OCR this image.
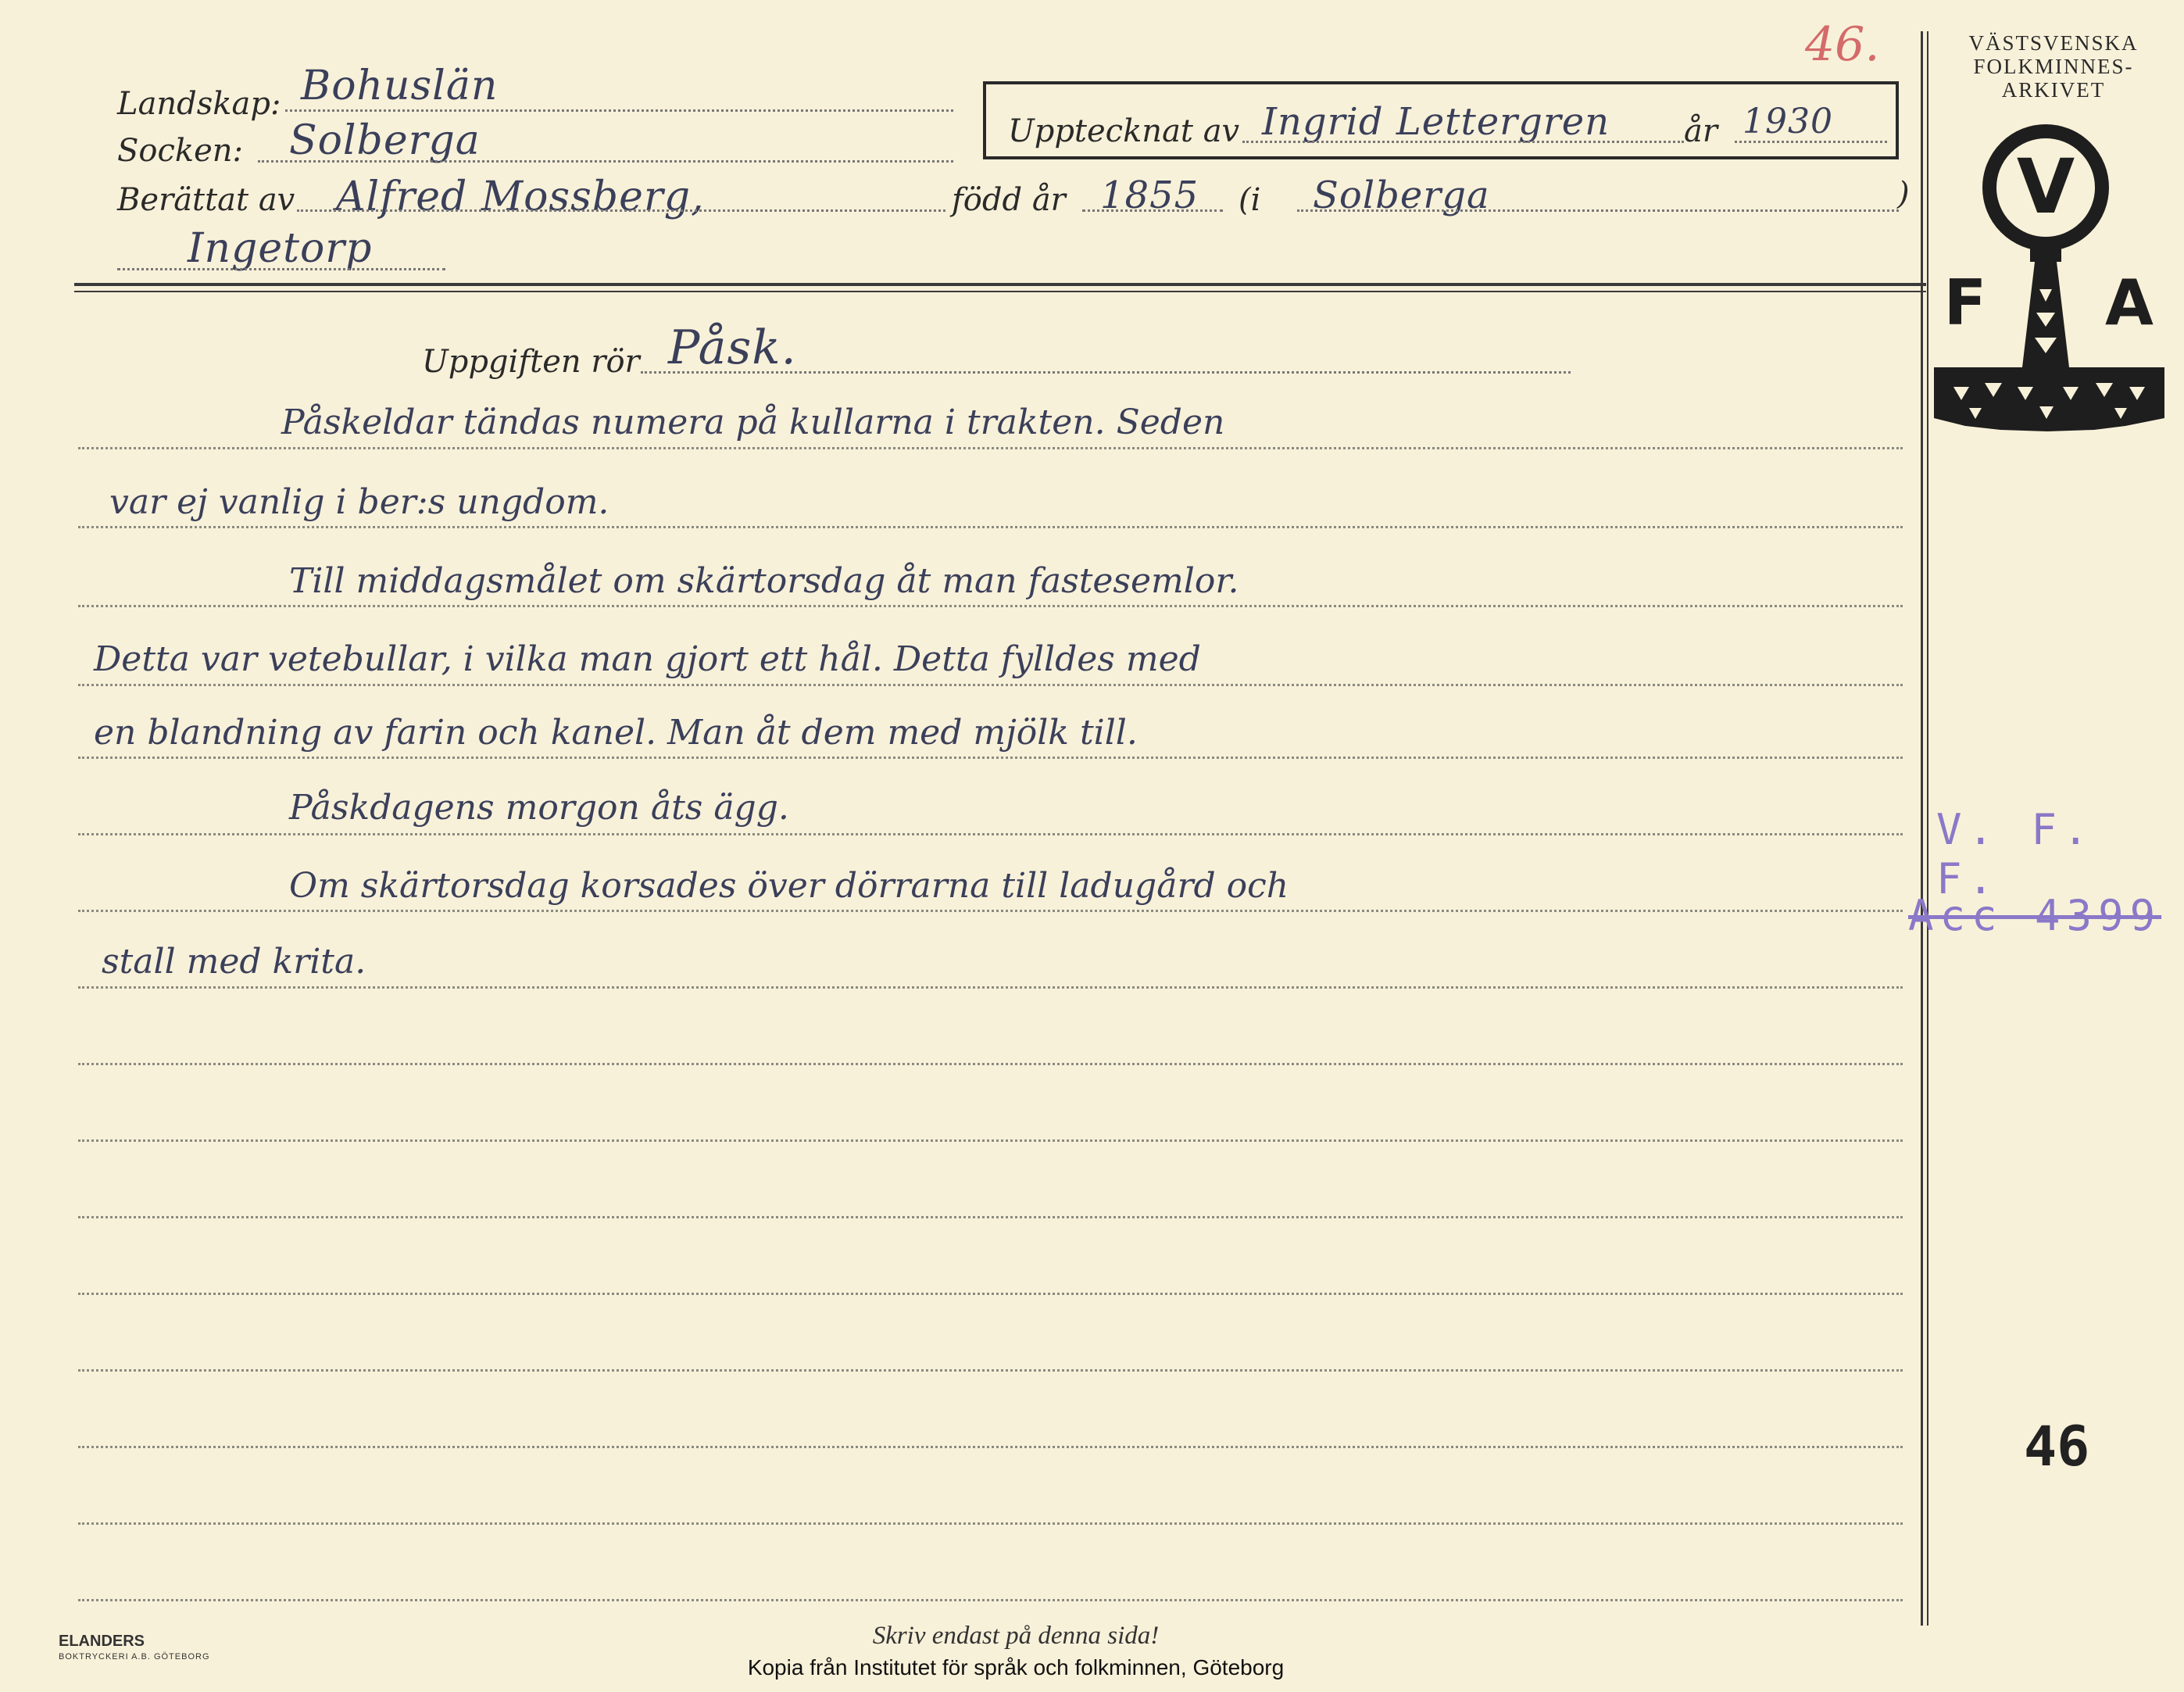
Landskap: Bohuslän
Socken: Solberga
Berättat av Alfred Mossberg,	född år 1855 (i Solberga	)
Ingetorp
Upptecknat av Ingrid Lettergren år 1930
46.	VÄSTSVENSKA
FOLKMINNES-
ARKIVET
V
F A
Uppgiften rör Påsk.
Påskeldar tändas numera på kullarna i trakten. Seden
var ej vanlig i ber:s ungdom.
Till middagsmålet om skärtorsdag åt man fastesemlor.
Detta var vetebullar, i vilka man gjort ett hål. Detta fylldes med
en blandning av farin och kanel. Man åt dem med mjölk till.
Påskdagens morgon åts ägg.
Om skärtorsdag korsades över dörrarna till ladugård och
stall med krita.
V. F. F.
Acc 4399
46
ELANDERS
BOKTRYCKERI A.B. GÖTEBORG
Skriv endast på denna sida!
Kopia från Institutet för språk och folkminnen, Göteborg
